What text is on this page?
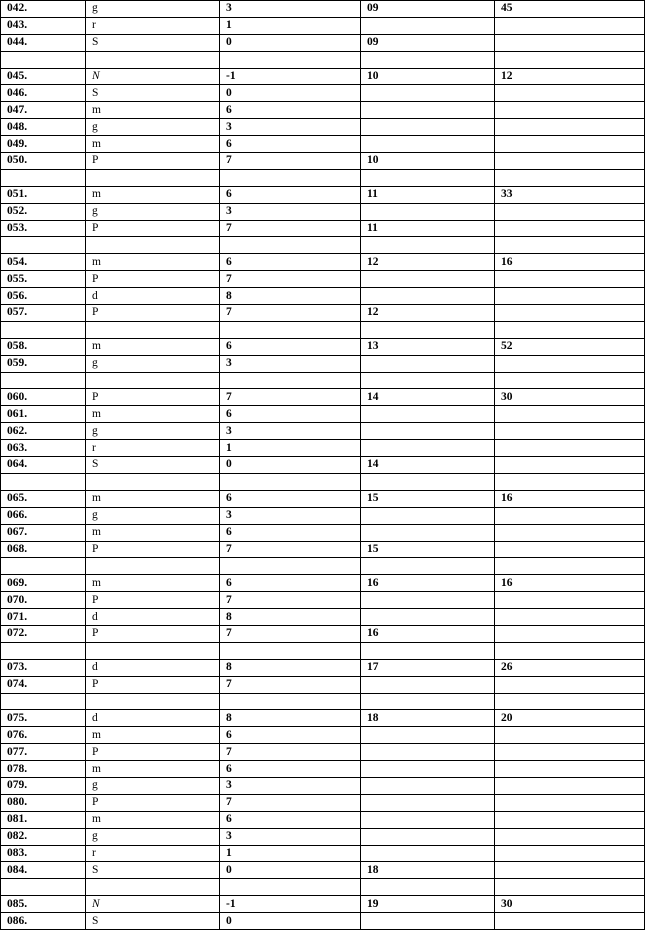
042.	g	3	09	45
043.	r	1		
044.	S	0	09	

045.	N	-1	10	12
046.	S	0		
047.	m	6		
048.	g	3		
049.	m	6		
050.	P	7	10	

051.	m	6	11	33
052.	g	3		
053.	P	7	11	

054.	m	6	12	16
055.	P	7		
056.	d	8		
057.	P	7	12	

058.	m	6	13	52
059.	g	3		

060.	P	7	14	30
061.	m	6		
062.	g	3		
063.	r	1		
064.	S	0	14	

065.	m	6	15	16
066.	g	3		
067.	m	6		
068.	P	7	15	

069.	m	6	16	16
070.	P	7		
071.	d	8		
072.	P	7	16	

073.	d	8	17	26
074.	P	7		

075.	d	8	18	20
076.	m	6		
077.	P	7		
078.	m	6		
079.	g	3		
080.	P	7		
081.	m	6		
082.	g	3		
083.	r	1		
084.	S	0	18	

085.	N	-1	19	30
086.	S	0		
